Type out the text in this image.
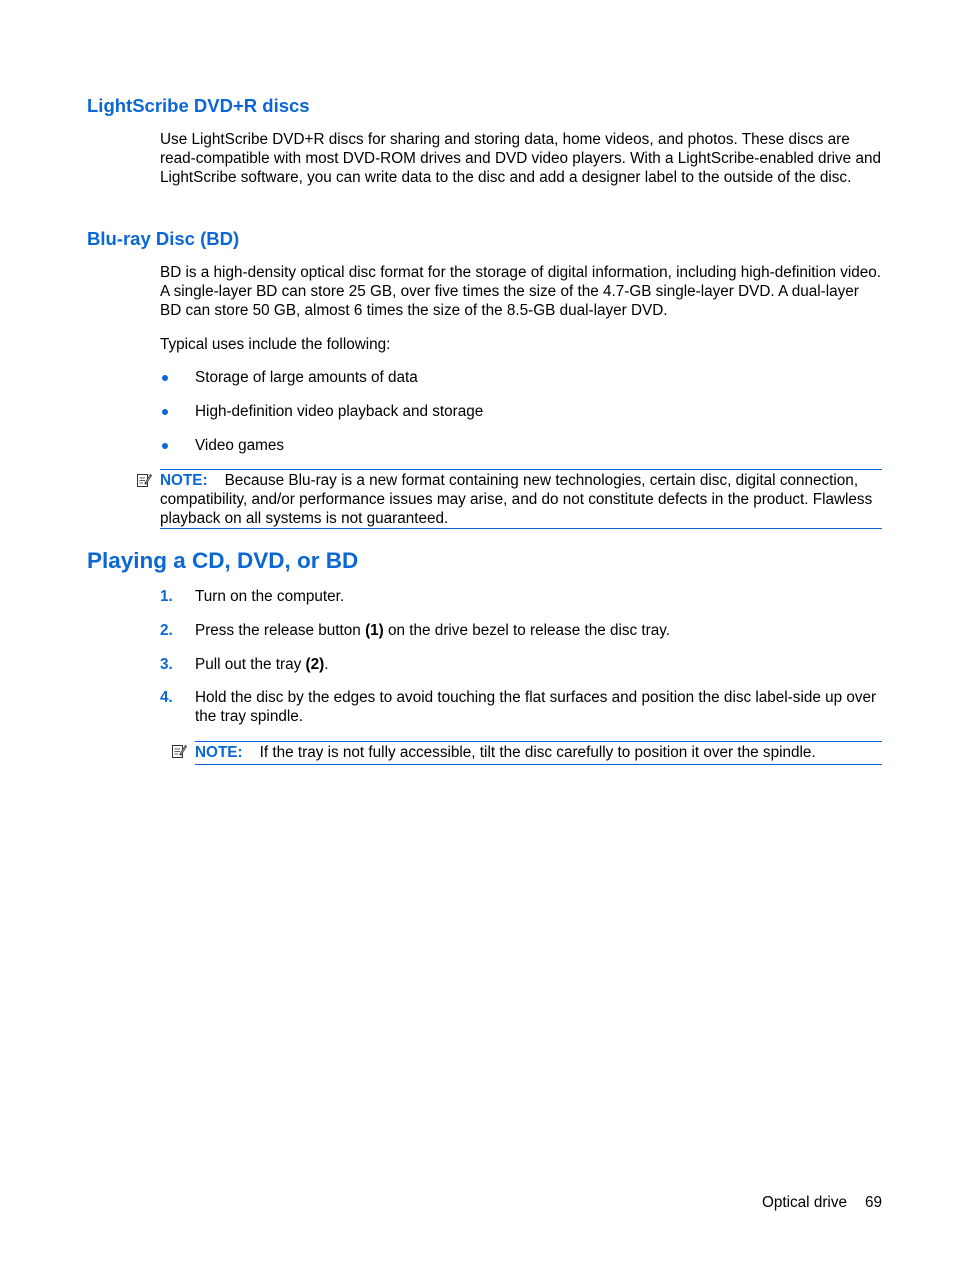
LightScribe DVD+R discs

Use LightScribe DVD+R discs for sharing and storing data, home videos, and photos. These discs are read-compatible with most DVD-ROM drives and DVD video players. With a LightScribe-enabled drive and LightScribe software, you can write data to the disc and add a designer label to the outside of the disc.

Blu-ray Disc (BD)

BD is a high-density optical disc format for the storage of digital information, including high-definition video. A single-layer BD can store 25 GB, over five times the size of the 4.7-GB single-layer DVD. A dual-layer BD can store 50 GB, almost 6 times the size of the 8.5-GB dual-layer DVD.

Typical uses include the following:

Storage of large amounts of data
High-definition video playback and storage
Video games

NOTE: Because Blu-ray is a new format containing new technologies, certain disc, digital connection, compatibility, and/or performance issues may arise, and do not constitute defects in the product. Flawless playback on all systems is not guaranteed.

Playing a CD, DVD, or BD
1. Turn on the computer.
2. Press the release button (1) on the drive bezel to release the disc tray.
3. Pull out the tray (2).
4. Hold the disc by the edges to avoid touching the flat surfaces and position the disc label-side up over the tray spindle.

NOTE: If the tray is not fully accessible, tilt the disc carefully to position it over the spindle.

Optical drive 69
